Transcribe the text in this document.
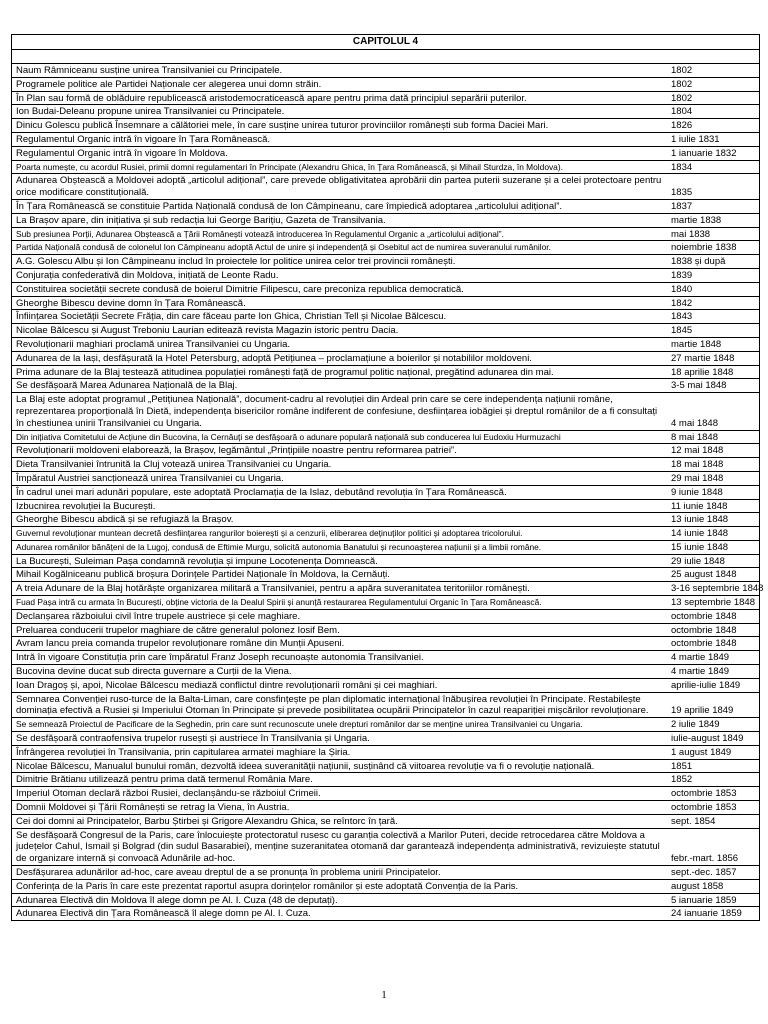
CAPITOLUL 4
Naum Râmniceanu susține unirea Transilvaniei cu Principatele.	1802
Programele politice ale Partidei Naționale cer alegerea unui domn străin.	1802
În Plan sau formă de oblăduire republicească aristodemocraticească apare pentru prima dată principiul separării puterilor.	1802
Ion Budai-Deleanu propune unirea Transilvaniei cu Principatele.	1804
Dinicu Golescu publică Însemnare a călătoriei mele, în care susține unirea tuturor provinciilor românești sub forma Daciei Mari.	1826
Regulamentul Organic intră în vigoare în Țara Românească.	1 iulie 1831
Regulamentul Organic intră în vigoare în Moldova.	1 ianuarie 1832
Poarta numește, cu acordul Rusiei, primii domni regulamentari în Principate (Alexandru Ghica, în Țara Românească, și Mihail Sturdza, în Moldova).	1834
Adunarea Obștească a Moldovei adoptă „articolul adițional”, care prevede obligativitatea aprobării din partea puterii suzerane și a celei protectoare pentru orice modificare constituțională.	1835
În Țara Românească se constituie Partida Națională condusă de Ion Câmpineanu, care împiedică adoptarea „articolului adițional”.	1837
La Brașov apare, din inițiativa și sub redacția lui George Barițiu, Gazeta de Transilvania.	martie 1838
Sub presiunea Porții, Adunarea Obștească a Țării Românești votează introducerea în Regulamentul Organic a „articolului adițional”.	mai 1838
Partida Națională condusă de colonelul Ion Câmpineanu adoptă Actul de unire și independență și Osebitul act de numirea suveranului rumânilor.	noiembrie 1838
A.G. Golescu Albu și Ion Câmpineanu includ în proiectele lor politice unirea celor trei provincii românești.	1838 și după
Conjurația confederativă din Moldova, inițiată de Leonte Radu.	1839
Constituirea societății secrete condusă de boierul Dimitrie Filipescu, care preconiza republica democratică.	1840
Gheorghe Bibescu devine domn în Țara Românească.	1842
Înființarea Societății Secrete Frăția, din care făceau parte Ion Ghica, Christian Tell și Nicolae Bălcescu.	1843
Nicolae Bălcescu și August Treboniu Laurian editează revista Magazin istoric pentru Dacia.	1845
Revoluționarii maghiari proclamă unirea Transilvaniei cu Ungaria.	martie 1848
Adunarea de la Iași, desfășurată la Hotel Petersburg, adoptă Petițiunea – proclamațiune a boierilor și notabililor moldoveni.	27 martie 1848
Prima adunare de la Blaj testează atitudinea populației românești față de programul politic național, pregătind adunarea din mai.	18 aprilie 1848
Se desfășoară Marea Adunarea Națională de la Blaj.	3-5 mai 1848
La Blaj este adoptat programul „Petițiunea Națională”, document-cadru al revoluției din Ardeal prin care se cere independența națiunii române, reprezentarea proporțională în Dietă, independența bisericilor române indiferent de confesiune, desființarea iobăgiei și dreptul românilor de a fi consultați în chestiunea unirii Transilvaniei cu Ungaria.	4 mai 1848
Din inițiativa Comitetului de Acțiune din Bucovina, la Cernăuți se desfășoară o adunare populară națională sub conducerea lui Eudoxiu Hurmuzachi	8 mai 1848
Revoluționarii moldoveni elaborează, la Brașov, legământul „Prințipiile noastre pentru reformarea patriei”.	12 mai 1848
Dieta Transilvaniei întrunită la Cluj votează unirea Transilvaniei cu Ungaria.	18 mai 1848
Împăratul Austriei sancționează unirea Transilvaniei cu Ungaria.	29 mai 1848
În cadrul unei mari adunări populare, este adoptată Proclamația de la Islaz, debutând revoluția în Țara Românească.	9 iunie 1848
Izbucnirea revoluției la București.	11 iunie 1848
Gheorghe Bibescu abdică și se refugiază la Brașov.	13 iunie 1848
Guvernul revoluționar muntean decretă desființarea rangurilor boierești și a cenzurii, eliberarea deținuților politici și adoptarea tricolorului.	14 iunie 1848
Adunarea românilor bănățeni de la Lugoj, condusă de Eftimie Murgu, solicită autonomia Banatului și recunoașterea națiunii și a limbii române.	15 iunie 1848
La București, Suleiman Pașa condamnă revoluția și impune Locotenența Domnească.	29 iulie 1848
Mihail Kogălniceanu publică broșura Dorințele Partidei Naționale în Moldova, la Cernăuți.	25 august 1848
A treia Adunare de la Blaj hotărăște organizarea militară a Transilvaniei, pentru a apăra suveranitatea teritoriilor românești.	3-16 septembrie 1848
Fuad Pașa intră cu armata în București, obține victoria de la Dealul Spirii și anunță restaurarea Regulamentului Organic în Țara Românească.	13 septembrie 1848
Declanșarea războiului civil între trupele austriece și cele maghiare.	octombrie 1848
Preluarea conducerii trupelor maghiare de către generalul polonez Iosif Bem.	octombrie 1848
Avram Iancu preia comanda trupelor revoluționare române din Munții Apuseni.	octombrie 1848
Intră în vigoare Constituția prin care împăratul Franz Joseph recunoaște autonomia Transilvaniei.	4 martie 1849
Bucovina devine ducat sub directa guvernare a Curții de la Viena.	4 martie 1849
Ioan Dragoș și, apoi, Nicolae Bălcescu mediază conflictul dintre revoluționarii români și cei maghiari.	aprilie-iulie 1849
Semnarea Convenției ruso-turce de la Balta-Liman, care consfințește pe plan diplomatic internațional înăbușirea revoluției în Principate. Restabilește dominația efectivă a Rusiei și Imperiului Otoman în Principate și prevede posibilitatea ocupării Principatelor în cazul reapariției mișcărilor revoluționare.	19 aprilie 1849
Se semnează Proiectul de Pacificare de la Seghedin, prin care sunt recunoscute unele drepturi românilor dar se menține unirea Transilvaniei cu Ungaria.	2 iulie 1849
Se desfășoară contraofensiva trupelor rusești și austriece în Transilvania și Ungaria.	iulie-august 1849
Înfrângerea revoluției în Transilvania, prin capitularea armatei maghiare la Șiria.	1 august 1849
Nicolae Bălcescu, Manualul bunului român, dezvoltă ideea suveranității națiunii, susținând că viitoarea revoluție va fi o revoluție națională.	1851
Dimitrie Brătianu utilizează pentru prima dată termenul România Mare.	1852
Imperiul Otoman declară război Rusiei, declanșându-se războiul Crimeii.	octombrie 1853
Domnii Moldovei și Țării Românești se retrag la Viena, în Austria.	octombrie 1853
Cei doi domni ai Principatelor, Barbu Știrbei și Grigore Alexandru Ghica, se reîntorc în țară.	sept. 1854
Se desfășoară Congresul de la Paris, care înlocuiește protectoratul rusesc cu garanția colectivă a Marilor Puteri, decide retrocedarea către Moldova a județelor Cahul, Ismail și Bolgrad (din sudul Basarabiei), menține suzeranitatea otomană dar garantează independența administrativă, revizuiește statutul de organizare internă și convoacă Adunările ad-hoc.	febr.-mart. 1856
Desfășurarea adunărilor ad-hoc, care aveau dreptul de a se pronunța în problema unirii Principatelor.	sept.-dec. 1857
Conferința de la Paris în care este prezentat raportul asupra dorințelor românilor și este adoptată Convenția de la Paris.	august 1858
Adunarea Electivă din Moldova îl alege domn pe Al. I. Cuza (48 de deputați).	5 ianuarie 1859
Adunarea Electivă din Țara Românească îl alege domn pe Al. I. Cuza.	24 ianuarie 1859
1
